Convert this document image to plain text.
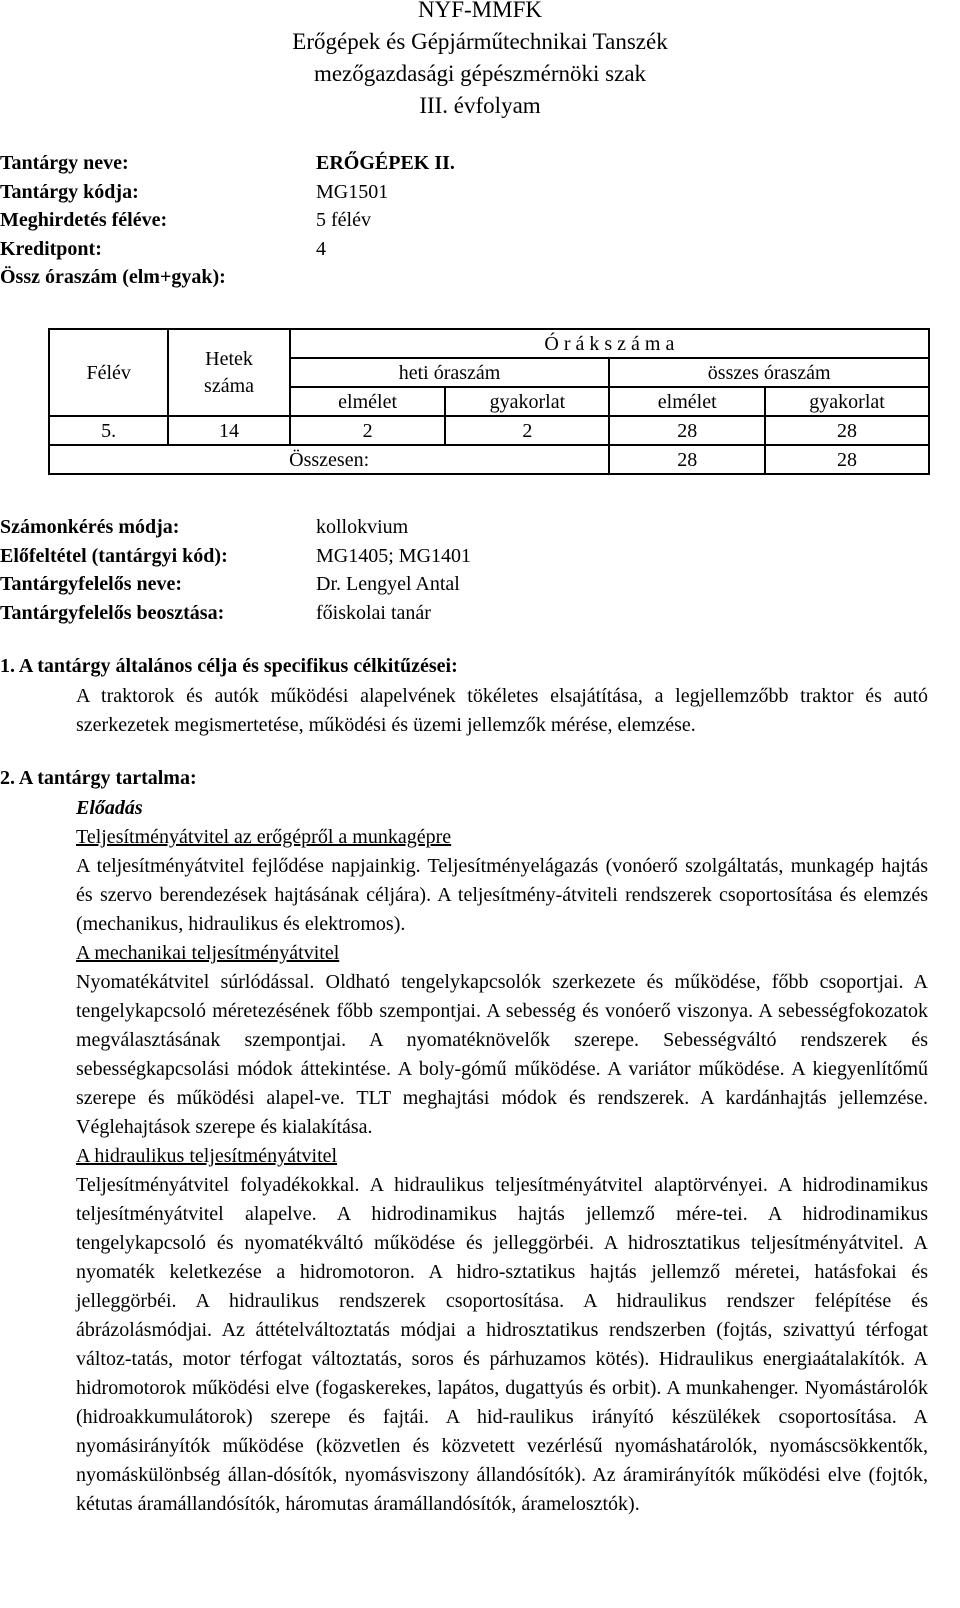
NYF-MMFK
Erőgépek és Gépjárműtechnikai Tanszék
mezőgazdasági gépészmérnöki szak
III. évfolyam
Tantárgy neve:	ERŐGÉPEK II.
Tantárgy kódja:	MG1501
Meghirdetés féléve:	5 félév
Kreditpont:	4
Össz óraszám (elm+gyak):
Félév	Hetek száma	Ó r á k s z á m a			
		heti óraszám		összes óraszám	
		elmélet	gyakorlat	elmélet	gyakorlat
5.	14	2	2	28	28
Összesen:				28	28
Számonkérés módja:	kollokvium
Előfeltétel (tantárgyi kód):	MG1405; MG1401
Tantárgyfelelős neve:	Dr. Lengyel Antal
Tantárgyfelelős beosztása:	főiskolai tanár
1. A tantárgy általános célja és specifikus célkitűzései:
A traktorok és autók működési alapelvének tökéletes elsajátítása, a legjellemzőbb traktor és autó szerkezetek megismertetése, működési és üzemi jellemzők mérése, elemzése.
2. A tantárgy tartalma:
Előadás
Teljesítményátvitel az erőgépről a munkagépre
A teljesítményátvitel fejlődése napjainkig. Teljesítményelágazás (vonóerő szolgáltatás, munkagép hajtás és szervo berendezések hajtásának céljára). A teljesítmény-átviteli rendszerek csoportosítása és elemzés (mechanikus, hidraulikus és elektromos).
A mechanikai teljesítményátvitel
Nyomatékátvitel súrlódással. Oldható tengelykapcsolók szerkezete és működése, főbb csoportjai. A tengelykapcsoló méretezésének főbb szempontjai. A sebesség és vonóerő viszonya. A sebességfokozatok megválasztásának szempontjai. A nyomatéknövelők szerepe. Sebességváltó rendszerek és sebességkapcsolási módok áttekintése. A boly-gómű működése. A variátor működése. A kiegyenlítőmű szerepe és működési alapel-ve. TLT meghajtási módok és rendszerek. A kardánhajtás jellemzése. Véglehajtások szerepe és kialakítása.
A hidraulikus teljesítményátvitel
Teljesítményátvitel folyadékokkal. A hidraulikus teljesítményátvitel alaptörvényei. A hidrodinamikus teljesítményátvitel alapelve. A hidrodinamikus hajtás jellemző mére-tei. A hidrodinamikus tengelykapcsoló és nyomatékváltó működése és jelleggörbéi. A hidrosztatikus teljesítményátvitel. A nyomaték keletkezése a hidromotoron. A hidro-sztatikus hajtás jellemző méretei, hatásfokai és jelleggörbéi. A hidraulikus rendszerek csoportosítása. A hidraulikus rendszer felépítése és ábrázolásmódjai. Az áttételváltoztatás módjai a hidrosztatikus rendszerben (fojtás, szivattyú térfogat változ-tatás, motor térfogat változtatás, soros és párhuzamos kötés). Hidraulikus energiaátalakítók. A hidromotorok működési elve (fogaskerekes, lapátos, dugattyús és orbit). A munkahenger. Nyomástárolók (hidroakkumulátorok) szerepe és fajtái. A hid-raulikus irányító készülékek csoportosítása. A nyomásirányítók működése (közvetlen és közvetett vezérlésű nyomáshatárolók, nyomáscsökkentők, nyomáskülönbség állan-dósítók, nyomásviszony állandósítók). Az áramirányítók működési elve (fojtók, kétutas áramállandósítók, háromutas áramállandósítók, áramelosztók).
